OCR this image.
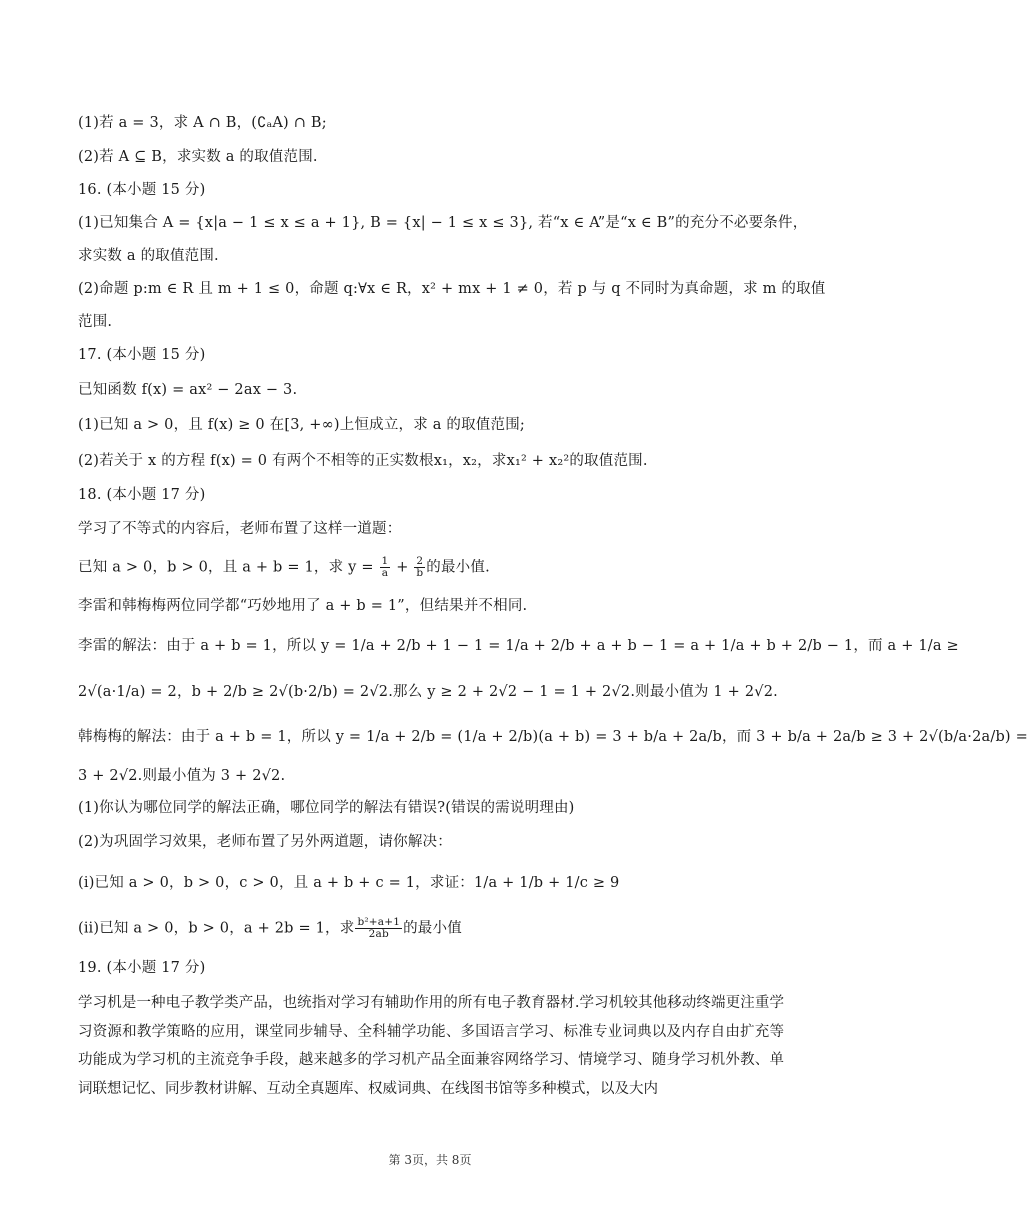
(1)若 a = 3，求 A ∩ B，(∁ₐA) ∩ B;
(2)若 A ⊆ B，求实数 a 的取值范围.
16. (本小题 15 分)
(1)已知集合 A = {x|a − 1 ≤ x ≤ a + 1}, B = {x| − 1 ≤ x ≤ 3}, 若“x ∈ A”是“x ∈ B”的充分不必要条件，
求实数 a 的取值范围.
(2)命题 p:m ∈ R 且 m + 1 ≤ 0，命题 q:∀x ∈ R，x² + mx + 1 ≠ 0，若 p 与 q 不同时为真命题，求 m 的取值
范围.
17. (本小题 15 分)
已知函数 f(x) = ax² − 2ax − 3.
(1)已知 a > 0，且 f(x) ≥ 0 在[3, +∞)上恒成立，求 a 的取值范围;
(2)若关于 x 的方程 f(x) = 0 有两个不相等的正实数根x₁，x₂，求x₁² + x₂²的取值范围.
18. (本小题 17 分)
学习了不等式的内容后，老师布置了这样一道题：
已知 a > 0，b > 0，且 a + b = 1，求 $y = \frac{1}{a} + \frac{2}{b}$ 的最小值.
李雷和韩梅梅两位同学都“巧妙地用了 a + b = 1”，但结果并不相同.
李雷的解法：由于 a + b = 1，所以 y = 1/a + 2/b + 1 − 1 = 1/a + 2/b + a + b − 1 = a + 1/a + b + 2/b − 1，而 a + 1/a ≥
2√(a·1/a) = 2，b + 2/b ≥ 2√(b·2/b) = 2√2.那么 y ≥ 2 + 2√2 − 1 = 1 + 2√2.则最小值为 1 + 2√2.
韩梅梅的解法：由于 a + b = 1，所以 y = 1/a + 2/b = (1/a + 2/b)(a + b) = 3 + b/a + 2a/b，而 3 + b/a + 2a/b ≥ 3 + 2√(b/a·2a/b) =
3 + 2√2.则最小值为 3 + 2√2.
(1)你认为哪位同学的解法正确，哪位同学的解法有错误?(错误的需说明理由)
(2)为巩固学习效果，老师布置了另外两道题，请你解决：
(ⅰ)已知 a > 0，b > 0，c > 0，且 a + b + c = 1，求证：1/a + 1/b + 1/c ≥ 9
(ⅱ)已知 a > 0，b > 0，a + 2b = 1，求 $\frac{\text{b²+a+1}}{2ab}$ 的最小值
19. (本小题 17 分)
学习机是一种电子教学类产品，也统指对学习有辅助作用的所有电子教育器材.学习机较其他移动终端更注重学习资源和教学策略的应用，课堂同步辅导、全科辅学功能、多国语言学习、标准专业词典以及内存自由扩充等功能成为学习机的主流竞争手段，越来越多的学习机产品全面兼容网络学习、情境学习、随身学习机外教、单词联想记忆、同步教材讲解、互动全真题库、权威词典、在线图书馆等多种模式，以及大内
第 3页，共 8页
